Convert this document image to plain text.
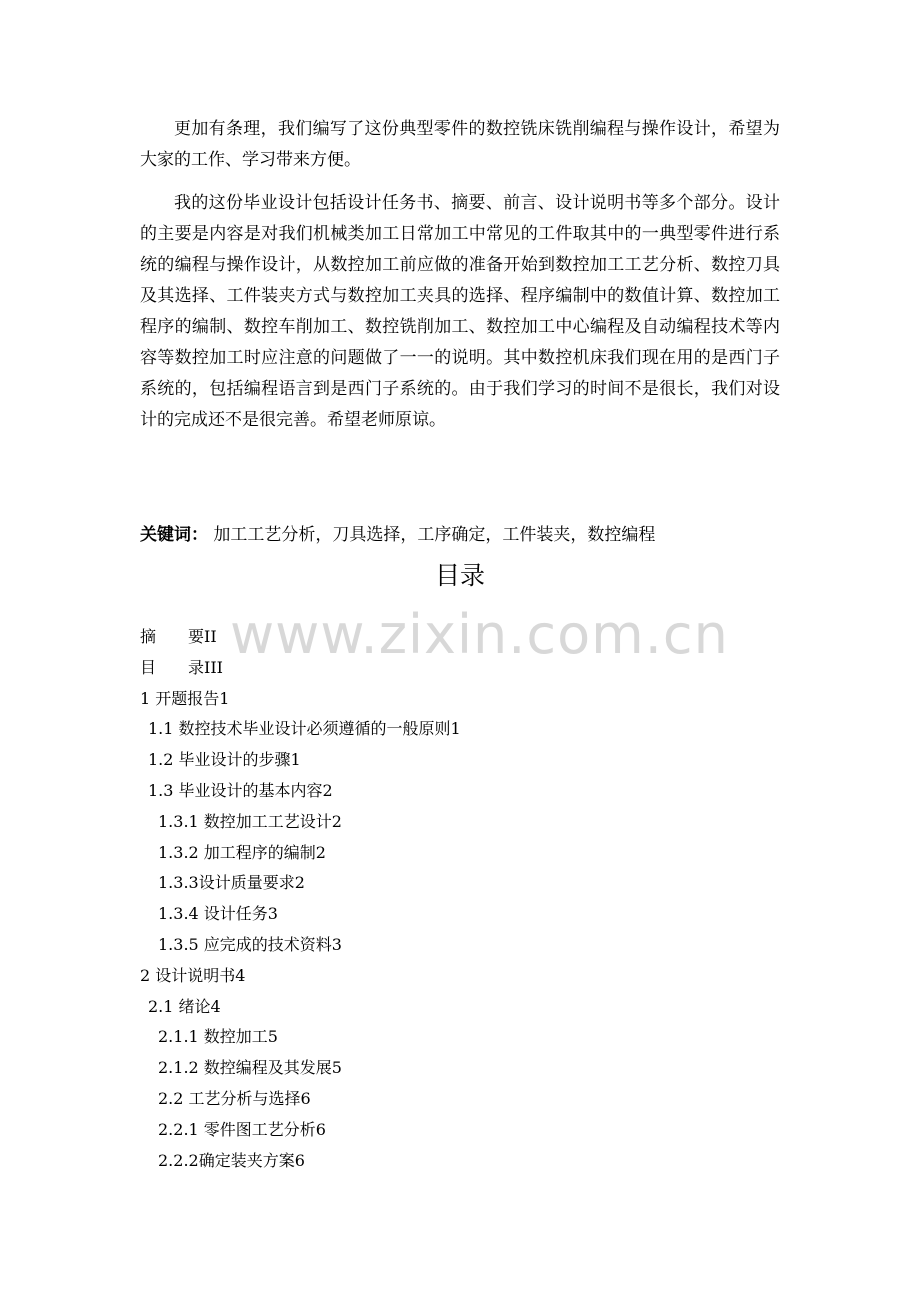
更加有条理，我们编写了这份典型零件的数控铣床铣削编程与操作设计，希望为大家的工作、学习带来方便。
我的这份毕业设计包括设计任务书、摘要、前言、设计说明书等多个部分。设计的主要是内容是对我们机械类加工日常加工中常见的工件取其中的一典型零件进行系统的编程与操作设计，从数控加工前应做的准备开始到数控加工工艺分析、数控刀具及其选择、工件装夹方式与数控加工夹具的选择、程序编制中的数值计算、数控加工程序的编制、数控车削加工、数控铣削加工、数控加工中心编程及自动编程技术等内容等数控加工时应注意的问题做了一一的说明。其中数控机床我们现在用的是西门子系统的，包括编程语言到是西门子系统的。由于我们学习的时间不是很长，我们对设计的完成还不是很完善。希望老师原谅。
关键词： 加工工艺分析，刀具选择，工序确定，工件装夹，数控编程
目录
www.zixin.com.cn
摘　　要II
目　　录III
1 开题报告1
1.1 数控技术毕业设计必须遵循的一般原则1
1.2 毕业设计的步骤1
1.3 毕业设计的基本内容2
1.3.1 数控加工工艺设计2
1.3.2 加工程序的编制2
1.3.3设计质量要求2
1.3.4 设计任务3
1.3.5 应完成的技术资料3
2 设计说明书4
2.1 绪论4
2.1.1 数控加工5
2.1.2 数控编程及其发展5
2.2 工艺分析与选择6
2.2.1 零件图工艺分析6
2.2.2确定装夹方案6
